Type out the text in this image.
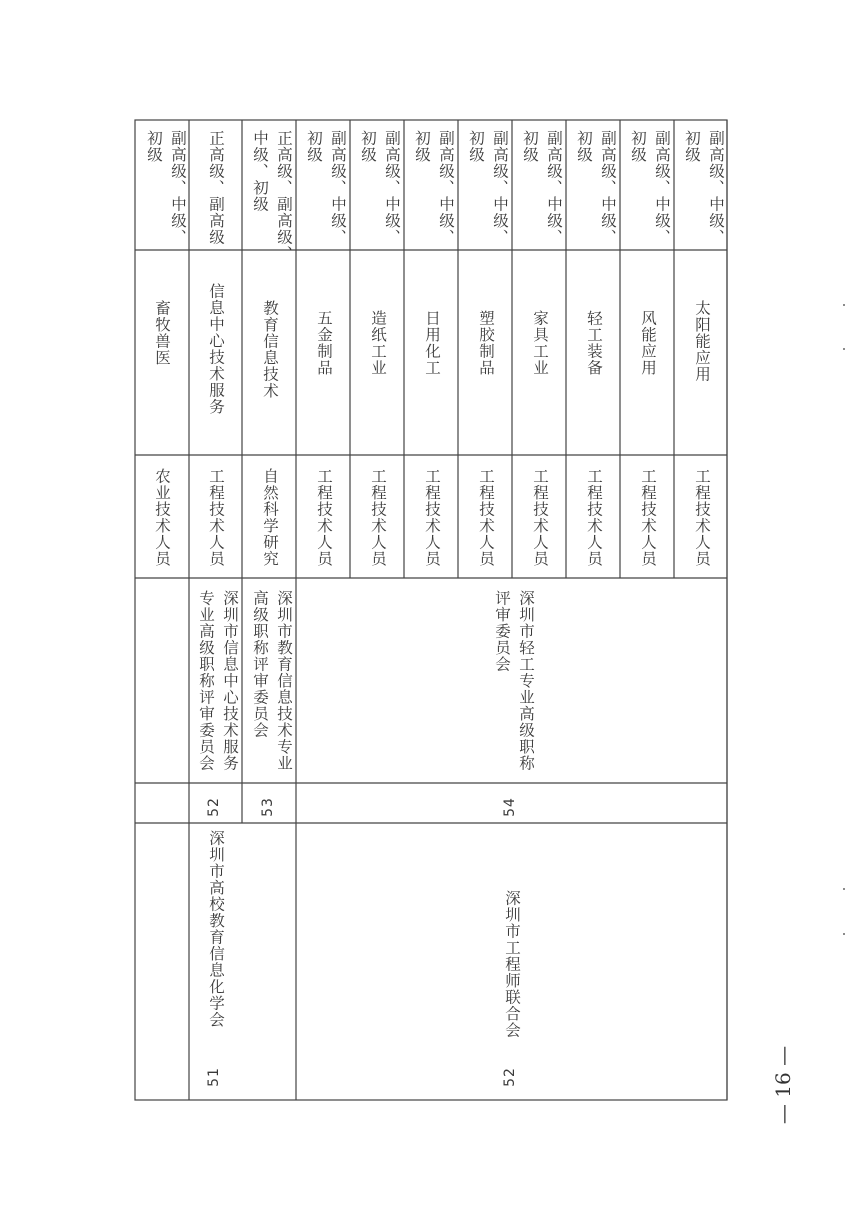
农业技术人员
畜牧兽医
副高级、中级、
初级
51
深圳市高校教育信息化学会
52
深圳市信息中心技术服务
专业高级职称评审委员会
工程技术人员
信息中心技术服务
正高级、副高级
53
深圳市教育信息技术专业
高级职称评审委员会
自然科学研究
教育信息技术
正高级、副高级、
中级、初级
52
深圳市工程师联合会
54
深圳市轻工专业高级职称
评审委员会
工程技术人员
五金制品
副高级、中级、
初级
工程技术人员
造纸工业
副高级、中级、
初级
工程技术人员
日用化工
副高级、中级、
初级
工程技术人员
塑胶制品
副高级、中级、
初级
工程技术人员
家具工业
副高级、中级、
初级
工程技术人员
轻工装备
副高级、中级、
初级
工程技术人员
风能应用
副高级、中级、
初级
工程技术人员
太阳能应用
副高级、中级、
初级
— 16 —
